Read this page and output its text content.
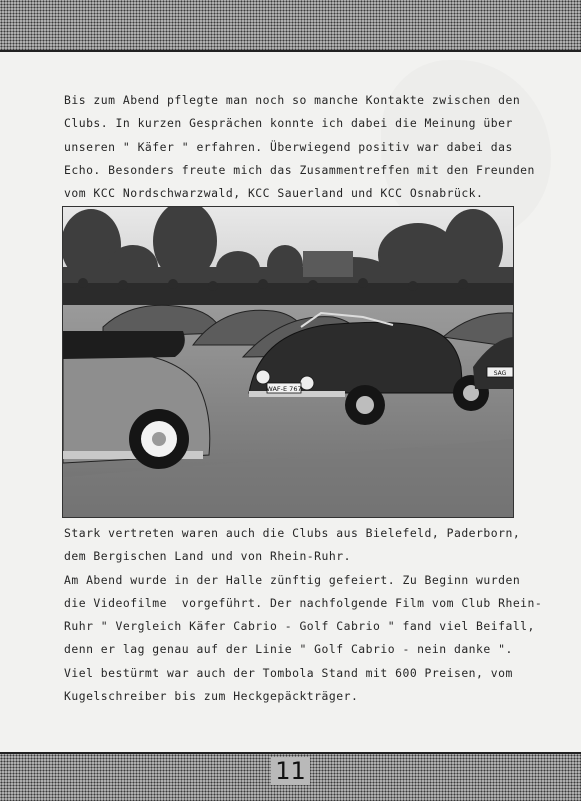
Bis zum Abend pflegte man noch so manche Kontakte zwischen den
Clubs. In kurzen Gesprächen konnte ich dabei die Meinung über
unseren " Käfer " erfahren. Überwiegend positiv war dabei das
Echo. Besonders freute mich das Zusammentreffen mit den Freunden
vom KCC Nordschwarzwald, KCC Sauerland und KCC Osnabrück.

WAF-E 767
SAG

Stark vertreten waren auch die Clubs aus Bielefeld, Paderborn,
dem Bergischen Land und von Rhein-Ruhr.
Am Abend wurde in der Halle zünftig gefeiert. Zu Beginn wurden
die Videofilme  vorgeführt. Der nachfolgende Film vom Club Rhein-
Ruhr " Vergleich Käfer Cabrio - Golf Cabrio " fand viel Beifall,
denn er lag genau auf der Linie " Golf Cabrio - nein danke ".
Viel bestürmt war auch der Tombola Stand mit 600 Preisen, vom
Kugelschreiber bis zum Heckgepäckträger.

11
